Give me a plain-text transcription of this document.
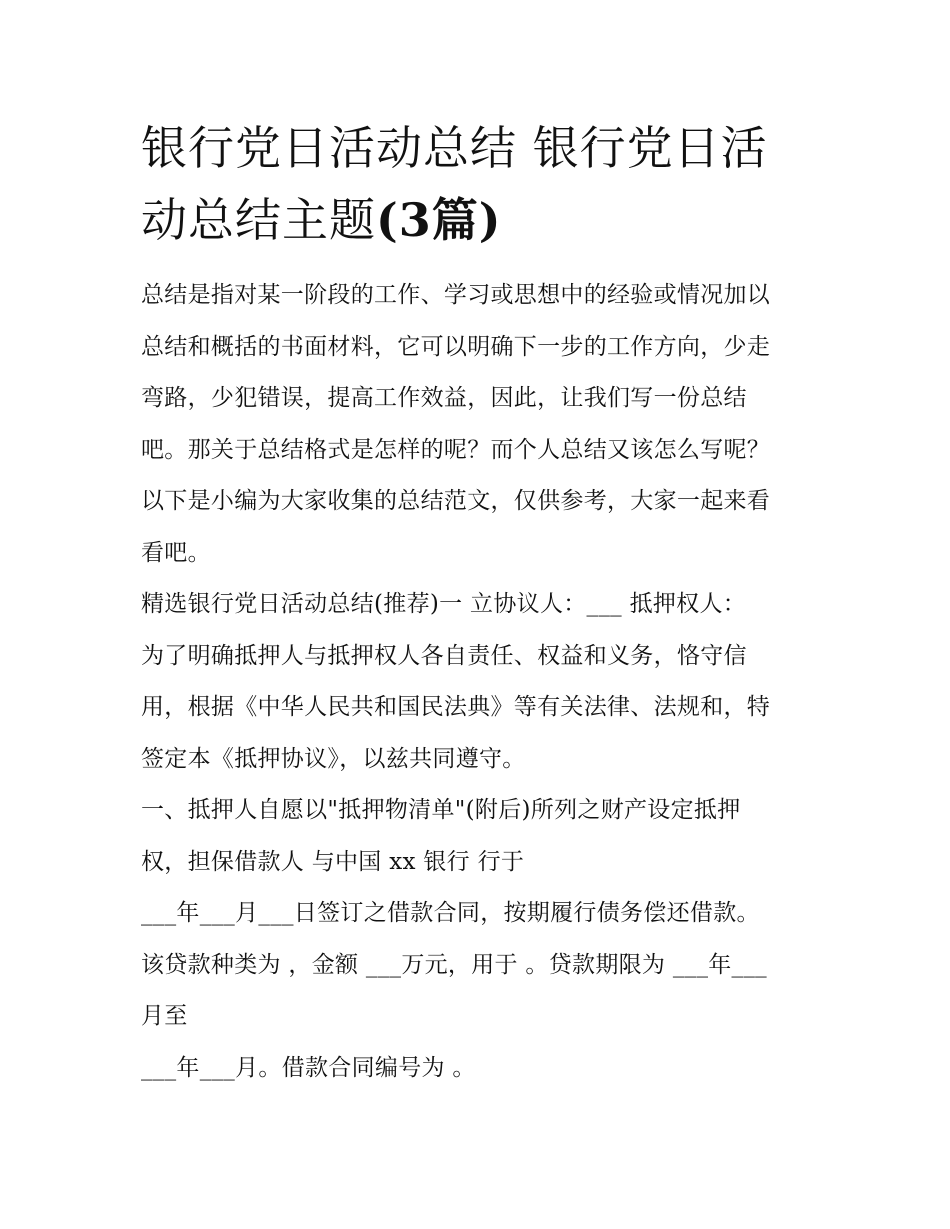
银行党日活动总结 银行党日活
动总结主题(3篇)
总结是指对某一阶段的工作、学习或思想中的经验或情况加以
总结和概括的书面材料，它可以明确下一步的工作方向，少走
弯路，少犯错误，提高工作效益，因此，让我们写一份总结
吧。那关于总结格式是怎样的呢？而个人总结又该怎么写呢？
以下是小编为大家收集的总结范文，仅供参考，大家一起来看
看吧。
精选银行党日活动总结(推荐)一 立协议人：___ 抵押权人：
为了明确抵押人与抵押权人各自责任、权益和义务，恪守信
用，根据《中华人民共和国民法典》等有关法律、法规和，特
签定本《抵押协议》，以兹共同遵守。
一、抵押人自愿以"抵押物清单"(附后)所列之财产设定抵押
权，担保借款人 与中国 xx 银行 行于
___年___月___日签订之借款合同，按期履行债务偿还借款。
该贷款种类为 ，金额 ___万元，用于 。贷款期限为 ___年___
月至
___年___月。借款合同编号为 。
